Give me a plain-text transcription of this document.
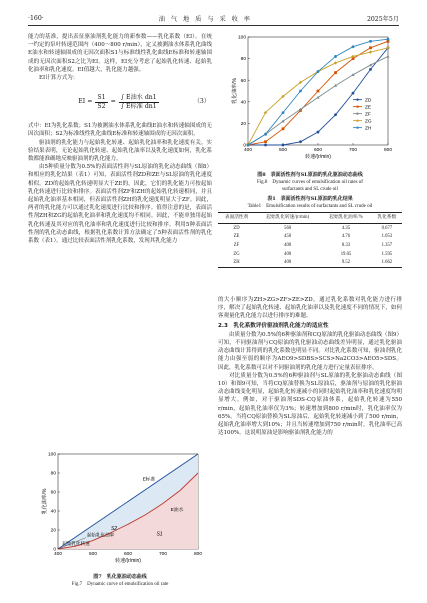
·160·	油 气 地 质 与 采 收 率	2025年5月

能力的基准，提出表征驱油剂乳化能力的新参数——乳化系数（EI）。在统一约定的泵叶转速范围内（400～800 r/min），定义被测油水体系乳化曲线E油水和转速轴围成的无因次面积S1与标准线性乳化曲线E标准和转速轴围成的无因次面积S2之比为EI。这样，EI充分考虑了起始乳化转速、起始乳化油率和乳化速度。EI值越大，乳化能力越强。

EI计算方式为：

EI = $\frac{S1}{S2}$ =
∫ E油水 dn1
∫ E标准 dn1
（3）

式中：EI为乳化系数；S1为被测油水体系乳化曲线E油水和转速轴围成的无因次面积；S2为标准线性乳化曲线E标准和转速轴围成的无因次面积。

驱油剂的乳化能力与起始乳化转速、起始乳化油率和乳化速度有关。实验结果表明，无论起始乳化转速、起始乳化油率以及乳化速度如何，乳化系数都能准确地反映驱油剂的乳化能力。

由5种质量分数为0.5%的表面活性剂与SL原油的乳化动态曲线（图8）和相应的乳化结果（表1）可知，表面活性剂ZD和ZE与SL原油的乳化速度相似。ZD的起始乳化转速明显大于ZE的，因此，它们的乳化能力可按起始乳化转速进行比较和排序。表面活性剂ZF和ZH的起始乳化转速相同，并且起始乳化油率基本相同，但表面活性剂ZH的乳化速度明显大于ZF。因此，两者的乳化能力可以通过乳化速度进行比较和排序。值得注意的是，表面活性剂ZH和ZG的起始乳化油率和乳化速度均不相同。因此，不能单独用起始乳化转速及其对应的乳化油率和乳化速度进行比较和排序。利用5种表面活性剂的乳化动态曲线，根据乳化系数计算方法确定了5种表面活性剂的乳化系数（表1）。通过比较表面活性剂乳化系数，发现其乳化能力

400	500	600	700	800
0
20
40
60
80
100
转速/(r/min)
乳化油率/%
E标准
E油水
S2
S1
起始乳化油率
起始乳化转速
图7　乳化驱油动态曲线
Fig.7　Dynamic curve of emulsification oil rate
400	500	600	700	800
0
20
40
60
80
100
转速/(r/min)
乳化油率/%	ZD
ZE
ZF
ZG
ZH
图8　表面活性剂与SL原油的乳化驱油动态曲线
Fig.8　Dynamic curves of emulsification oil rates of
surfactants and SL crude oil
表1　表面活性剂与SL原油的乳化结果
Table1　Emulsification results of surfactants and SL crude oil
表面活性剂	起始乳化转速/(r/min)	起始乳化油率/%	乳化系数
ZD	560	4.35	0.677
ZE	450	4.76	1.053
ZF	400	8.33	1.357
ZG	400	19.05	1.595
ZH	400	9.52	1.662

的大小顺序为ZH>ZG>ZF>ZE>ZD。通过乳化系数对乳化能力进行排序，解决了起始乳化转速、起始乳化油率以及乳化速度不同的情况下，如何客观量化乳化能力以进行排序的难题。

2.3　乳化系数评价驱油剂乳化能力的适应性

由质量分数为0.5%的6种驱油剂和CQ原油的乳化驱油动态曲线（图9）可知，不同驱油剂与CQ原油的乳化驱油动态曲线差异明显，通过乳化驱油动态曲线计算得到的乳化系数也明显不同。对比乳化系数可知，驱油剂乳化能力由强至弱的顺序为AEO9>SDBS>SCS>Na2CO3>AEO5>SDS。因此，乳化系数可以对不同驱油剂的乳化能力进行定量表征排序。

对比质量分数为0.5%的6种驱油剂与SL原油的乳化驱油动态曲线（图10）和图9可知，当将CQ原油替换为SL原油后，驱油剂与原油的乳化驱油动态曲线变化明显，起始乳化转速减小的同时起始乳化油率和乳化速度均明显增大。例如，对于驱油剂SDS-CQ原油体系，起始乳化转速为550 r/min，起始乳化油率仅为3%；转速增加到800 r/min时，乳化油率仅为65%。当将CQ原油替换为SL原油后，起始乳化转速减小到了500 r/min，起始乳化油率增大到10%；并且当转速增加到750 r/min时，乳化油率已高达100%。这说明原油是影响驱油剂乳化能力的
